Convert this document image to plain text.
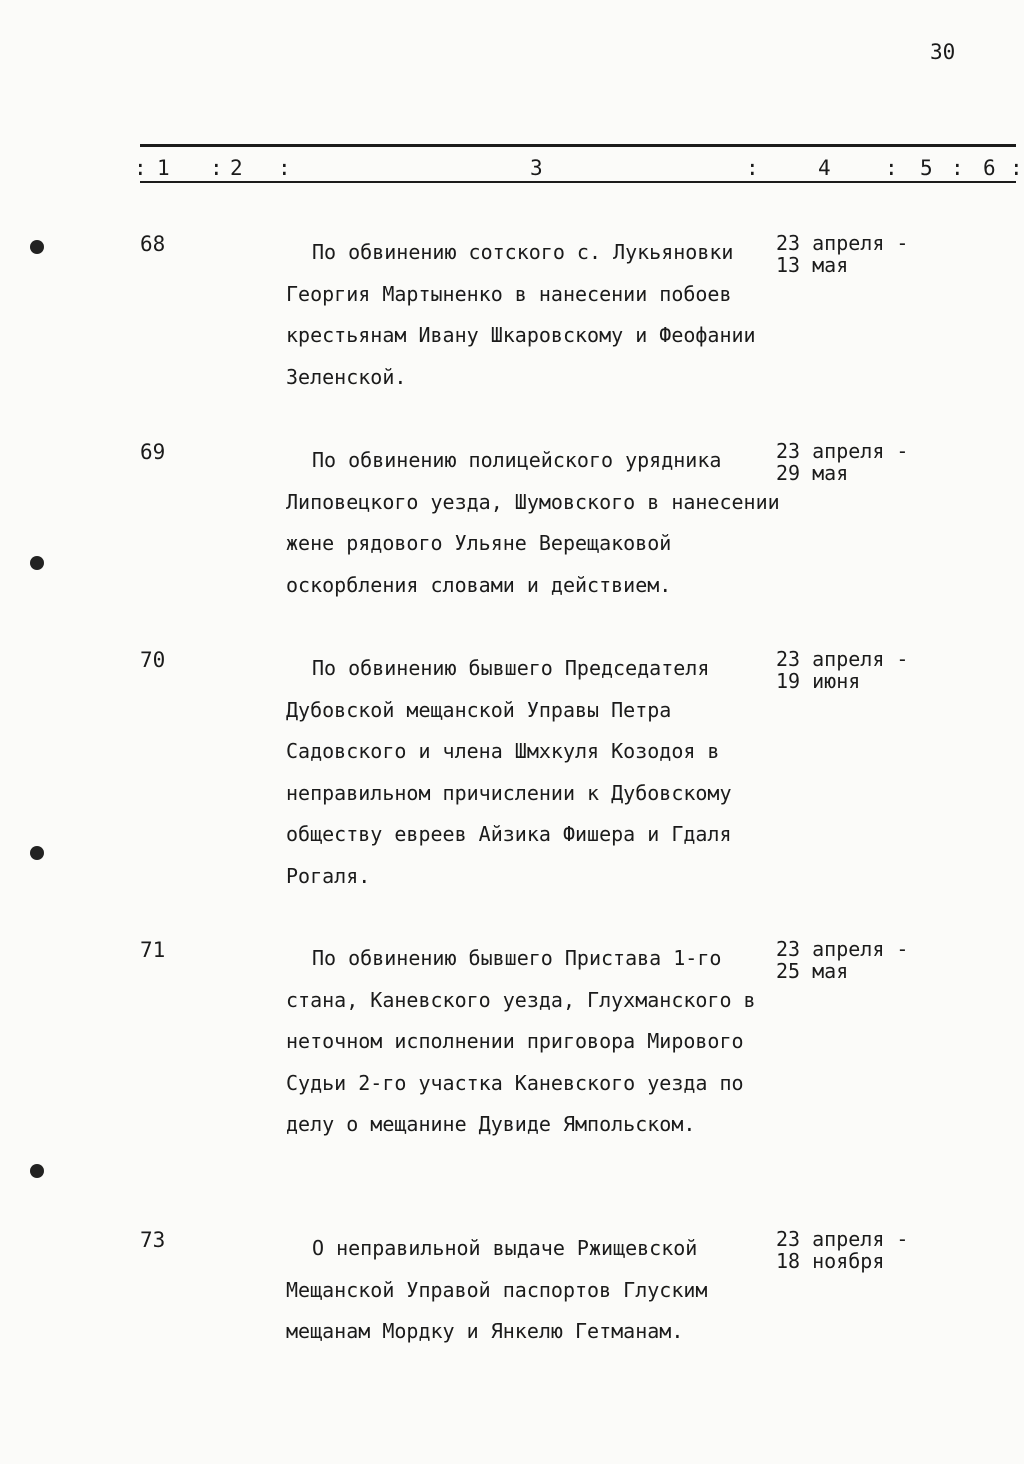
30
: 1 : 2 :	3	:	4	: 5 : 6 :
68	По обвинению сотского с. Лукьяновки Георгия Мартыненко в нанесении побоев крестьянам Ивану Шкаровскому и Феофании Зеленской.

23 апреля -
13 мая
69	По обвинению полицейского урядника Липовецкого уезда, Шумовского в нанесении жене рядового Ульяне Верещаковой оскорбления словами и действием.

23 апреля -
29 мая
70	По обвинению бывшего Председателя Дубовской мещанской Управы Петра Садовского и члена Шмхкуля Козодоя в неправильном причислении к Дубовскому обществу евреев Айзика Фишера и Гдаля Рогаля.

23 апреля -
19 июня
71	По обвинению бывшего Пристава 1-го стана, Каневского уезда, Глухманского в неточном исполнении приговора Мирового Судьи 2-го участка Каневского уезда по делу о мещанине Дувиде Ямпольском.

23 апреля -
25 мая
73	О неправильной выдаче Ржищевской Мещанской Управой паспортов Глуским мещанам Мордку и Янкелю Гетманам.

23 апреля -
18 ноября
